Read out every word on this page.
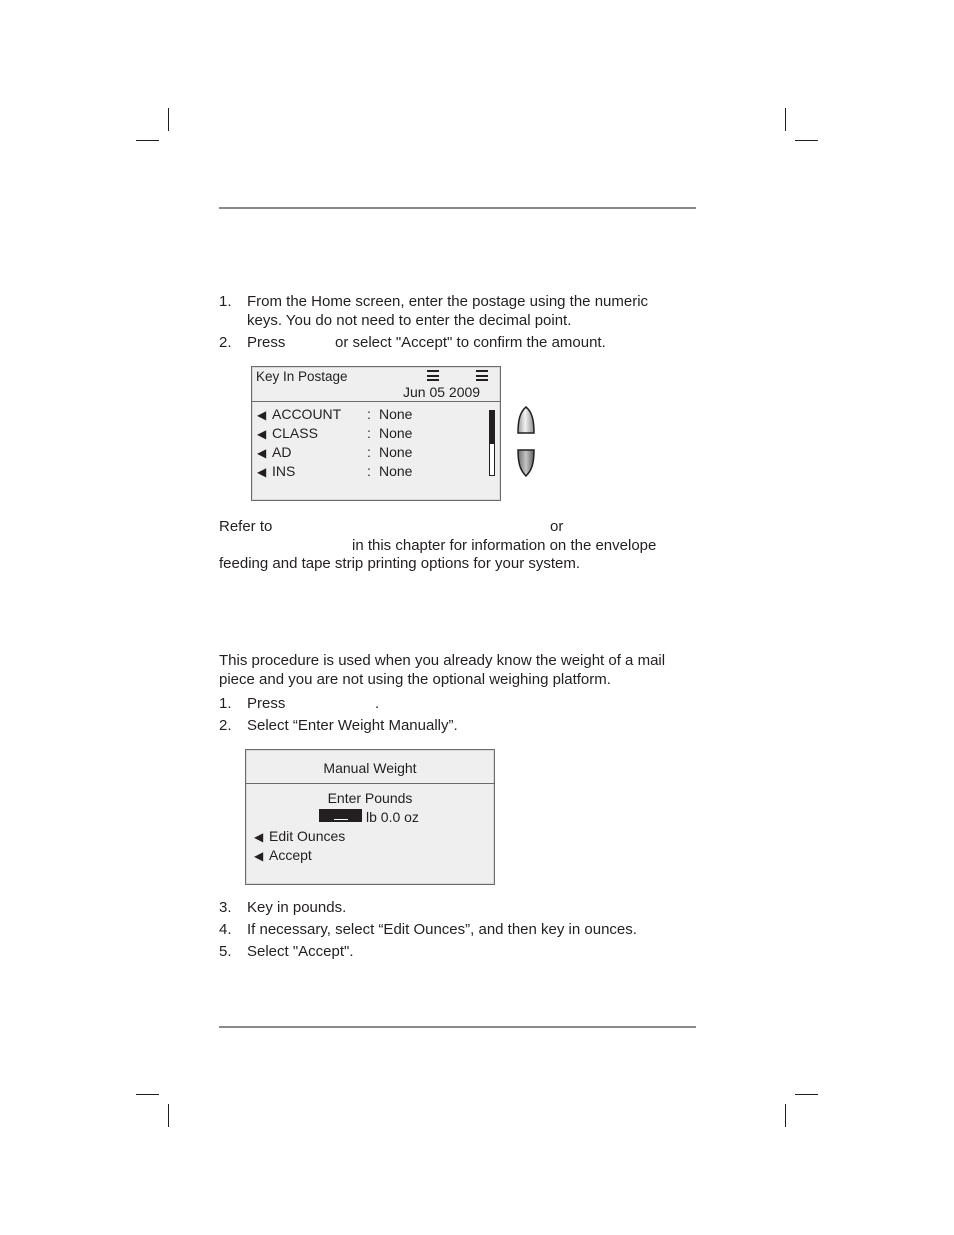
1. From the Home screen, enter the postage using the numeric
keys. You do not need to enter the decimal point.
2. Press	or select "Accept" to confirm the amount.
Key In Postage
Jun 05 2009
◀ ACCOUNT : None
◀ CLASS	: None
◀ AD	: None
◀ INS	: None
Refer to	or
in this chapter for information on the envelope
feeding and tape strip printing options for your system.
This procedure is used when you already know the weight of a mail
piece and you are not using the optional weighing platform.
1. Press	.
2. Select “Enter Weight Manually”.
Manual Weight
Enter Pounds
lb 0.0 oz
◀ Edit Ounces
◀ Accept
3. Key in pounds.
4. If necessary, select “Edit Ounces”, and then key in ounces.
5. Select "Accept".
